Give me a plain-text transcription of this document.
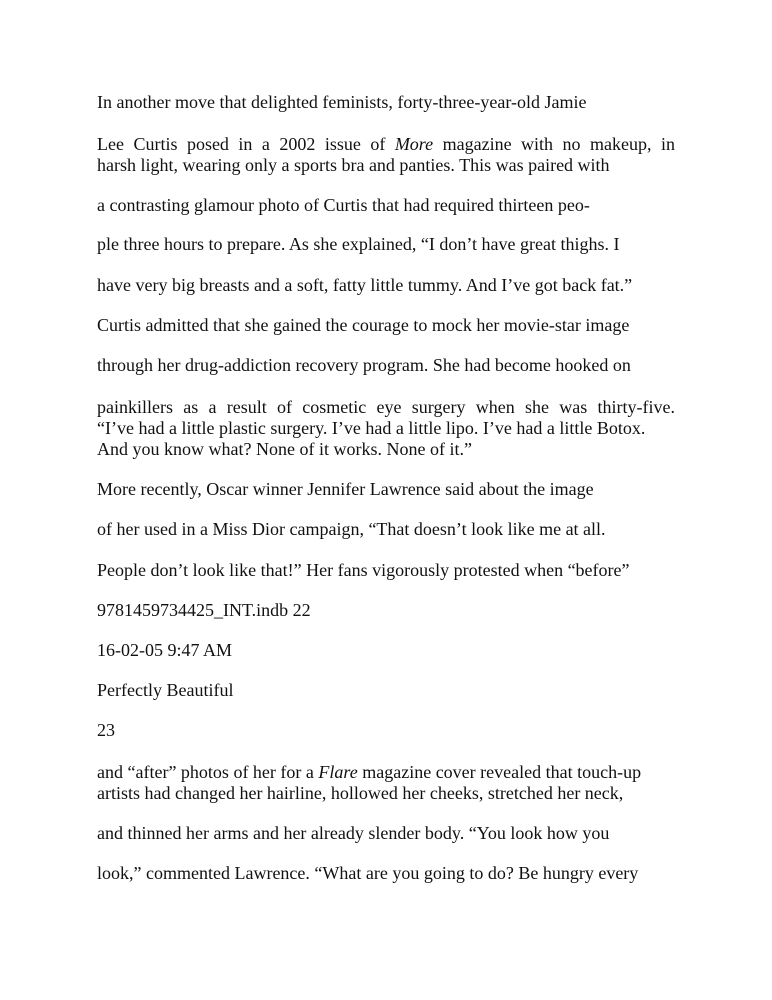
In another move that delighted feminists, forty-three-year-old Jamie

Lee Curtis posed in a 2002 issue of More magazine with no makeup, in

harsh light, wearing only a sports bra and panties. This was paired with

a contrasting glamour photo of Curtis that had required thirteen peo-

ple three hours to prepare. As she explained, “I don’t have great thighs. I

have very big breasts and a soft, fatty little tummy. And I’ve got back fat.”

Curtis admitted that she gained the courage to mock her movie-star image

through her drug-addiction recovery program. She had become hooked on

painkillers as a result of cosmetic eye surgery when she was thirty-five.

“I’ve had a little plastic surgery. I’ve had a little lipo. I’ve had a little Botox.

And you know what? None of it works. None of it.”

More recently, Oscar winner Jennifer Lawrence said about the image

of her used in a Miss Dior campaign, “That doesn’t look like me at all.

People don’t look like that!” Her fans vigorously protested when “before”

9781459734425_INT.indb 22

16-02-05 9:47 AM

Perfectly Beautiful

23

and “after” photos of her for a Flare magazine cover revealed that touch-up

artists had changed her hairline, hollowed her cheeks, stretched her neck,

and thinned her arms and her already slender body. “You look how you

look,” commented Lawrence. “What are you going to do? Be hungry every
